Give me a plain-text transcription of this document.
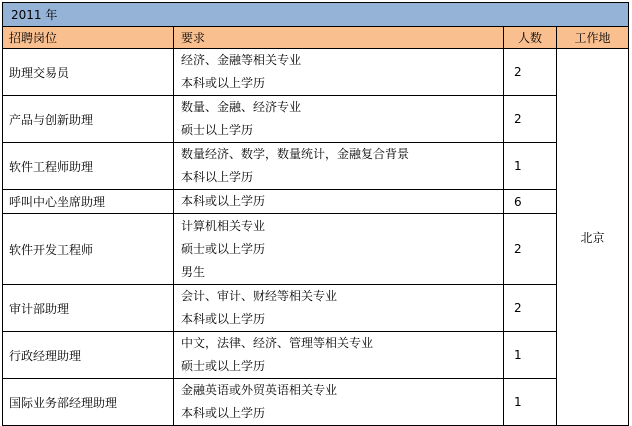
2011 年			
招聘岗位	要求	人数	工作地
助理交易员	经济、金融等相关专业
本科或以上学历	2	北京
产品与创新助理	数量、金融、经济专业
硕士以上学历	2	
软件工程师助理	数量经济、数学，数量统计，金融复合背景
本科以上学历	1	
呼叫中心坐席助理	本科或以上学历	6	
软件开发工程师	计算机相关专业
硕士或以上学历
男生	2	
审计部助理	会计、审计、财经等相关专业
本科或以上学历	2	
行政经理助理	中文，法律、经济、管理等相关专业
硕士或以上学历	1	
国际业务部经理助理	金融英语或外贸英语相关专业
本科或以上学历	1	
